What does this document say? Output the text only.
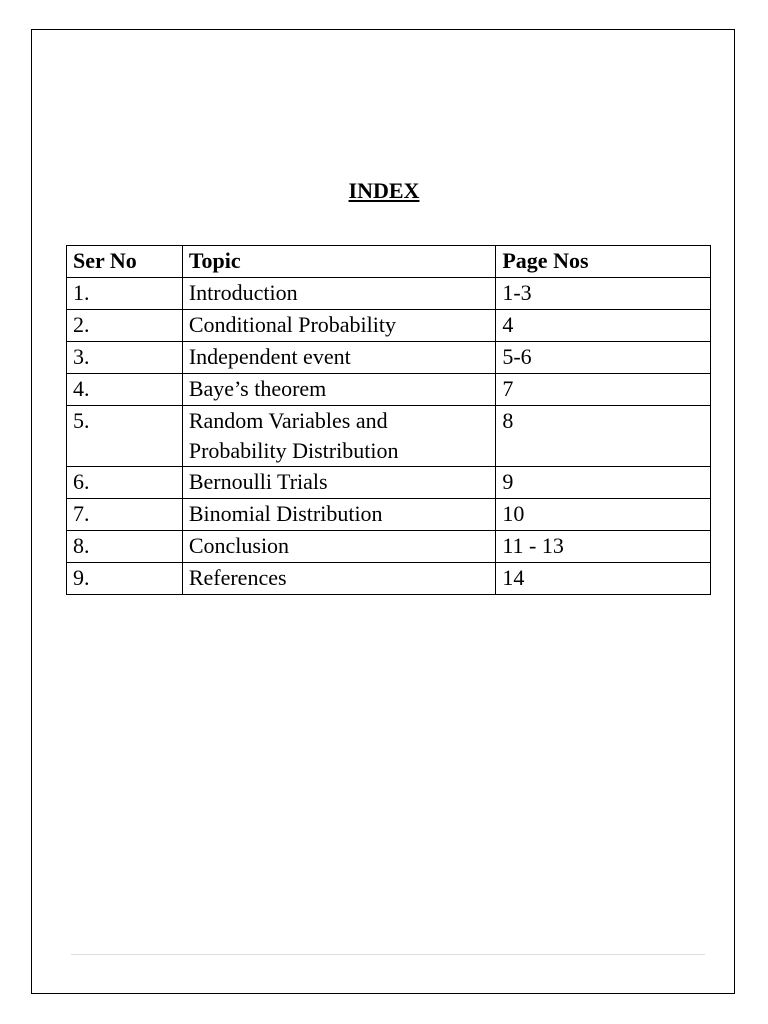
INDEX
Ser No	Topic	Page Nos
1.	Introduction	1-3
2.	Conditional Probability	4
3.	Independent event	5-6
4.	Baye’s theorem	7
5.	Random Variables and Probability Distribution	8
6.	Bernoulli Trials	9
7.	Binomial Distribution	10
8.	Conclusion	11 - 13
9.	References	14
